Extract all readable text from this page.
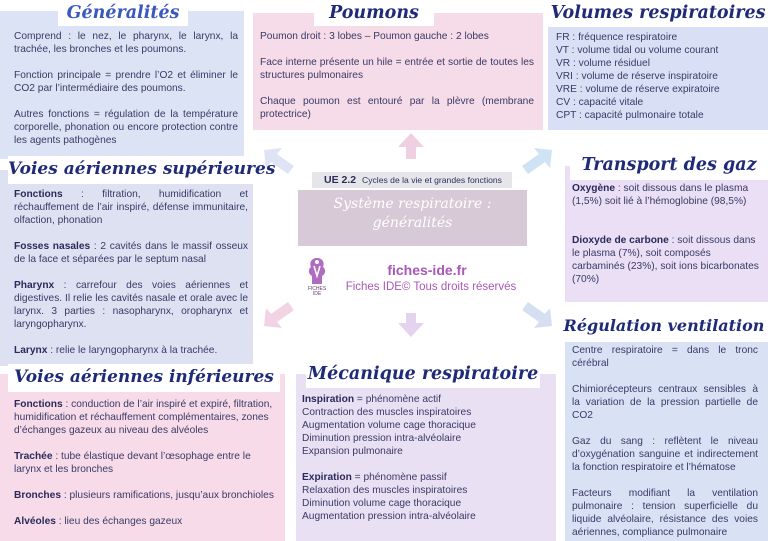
Généralités

Comprend : le nez, le pharynx, le larynx, la trachée, les bronches et les poumons.

Fonction principale = prendre l’O2 et éliminer le CO2 par l’intermédiaire des poumons.

Autres fonctions = régulation de la température corporelle, phonation ou encore protection contre les agents pathogènes

Poumons

Poumon droit : 3 lobes – Poumon gauche : 2 lobes

Face interne présente un hile = entrée et sortie de toutes les structures pulmonaires

Chaque poumon est entouré par la plèvre (membrane protectrice)

Volumes respiratoires
FR : fréquence respiratoire
VT : volume tidal ou volume courant
VR : volume résiduel
VRI : volume de réserve inspiratoire
VRE : volume de réserve expiratoire
CV : capacité vitale
CPT : capacité pulmonaire totale
Voies aériennes supérieures

Fonctions : filtration, humidification et réchauffement de l’air inspiré, défense immunitaire, olfaction, phonation

Fosses nasales : 2 cavités dans le massif osseux de la face et séparées par le septum nasal

Pharynx : carrefour des voies aériennes et digestives. Il relie les cavités nasale et orale avec le larynx. 3 parties : nasopharynx, oropharynx et laryngopharynx.

Larynx : relie le laryngopharynx à la trachée.

Transport des gaz

Oxygène : soit dissous dans le plasma (1,5%) soit lié à l’hémoglobine (98,5%)

Dioxyde de carbone : soit dissous dans le plasma (7%), soit composés carbaminés (23%), soit ions bicarbonates (70%)

Régulation ventilation

Centre respiratoire = dans le tronc cérébral

Chimiorécepteurs centraux sensibles à la variation de la pression partielle de CO2

Gaz du sang : reflètent le niveau d’oxygénation sanguine et indirectement la fonction respiratoire et l’hématose

Facteurs modifiant la ventilation pulmonaire : tension superficielle du liquide alvéolaire, résistance des voies aériennes, compliance pulmonaire

Voies aériennes inférieures

Fonctions : conduction de l’air inspiré et expiré, filtration, humidification et réchauffement complémentaires, zones d’échanges gazeux au niveau des alvéoles

Trachée : tube élastique devant l’œsophage entre le larynx et les bronches

Bronches : plusieurs ramifications, jusqu’aux bronchioles

Alvéoles : lieu des échanges gazeux

Mécanique respiratoire

Inspiration = phénomène actif
Contraction des muscles inspiratoires
Augmentation volume cage thoracique
Diminution pression intra-alvéolaire
Expansion pulmonaire

Expiration = phénomène passif
Relaxation des muscles inspiratoires
Diminution volume cage thoracique
Augmentation pression intra-alvéolaire

UE 2.2 Cycles de la vie et grandes fonctions
Système respiratoire :
généralités
FICHES
IDE
fiches-ide.fr
Fiches IDE© Tous droits réservés
